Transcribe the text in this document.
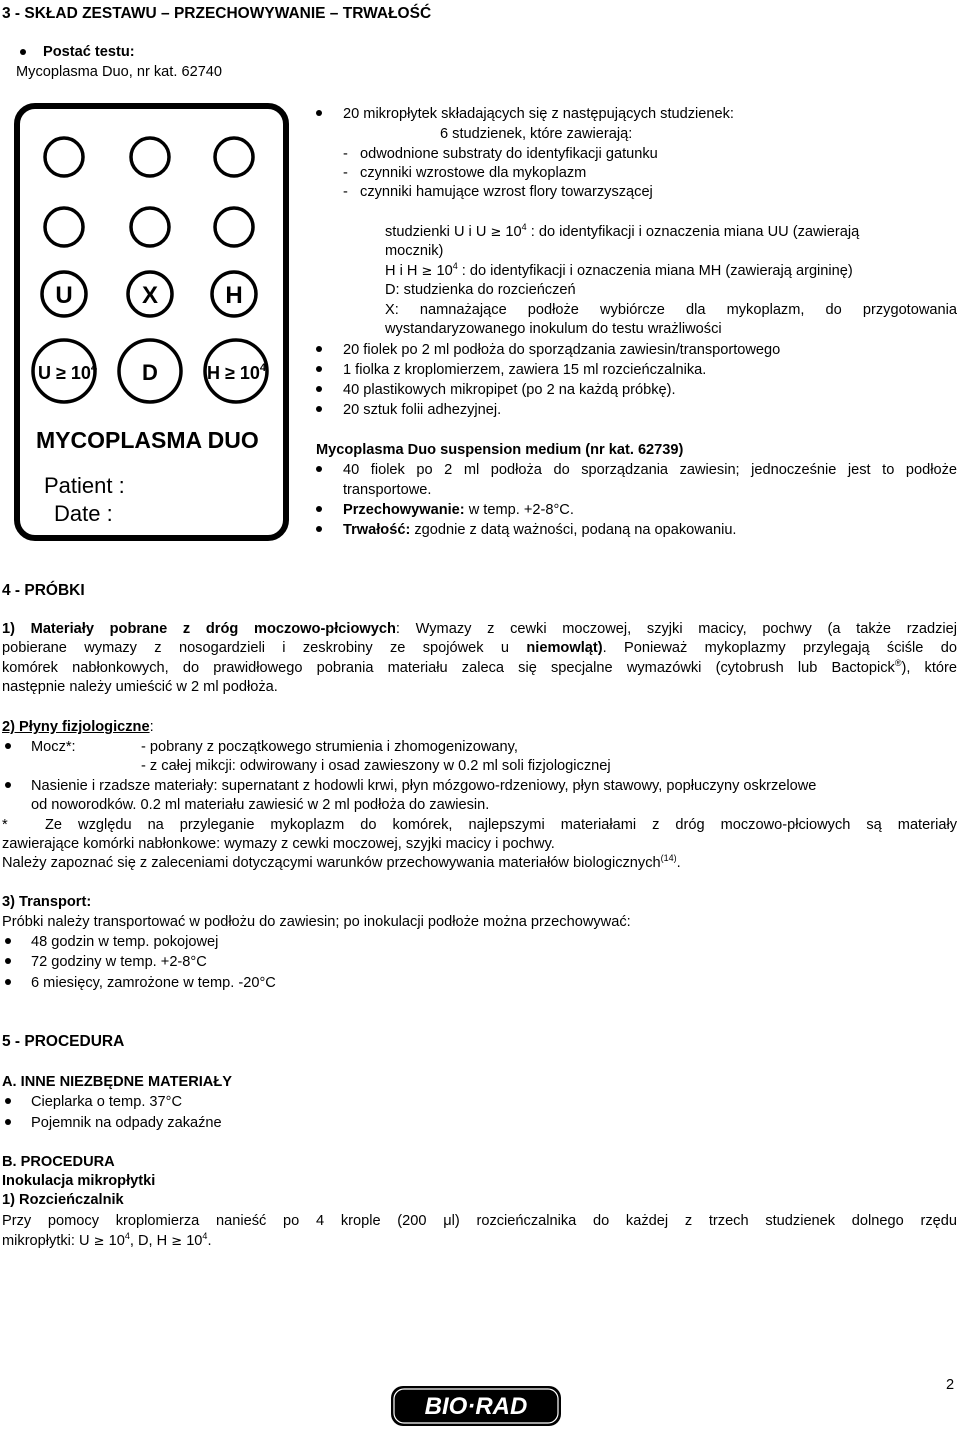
3 - SKŁAD ZESTAWU – PRZECHOWYWANIE – TRWAŁOŚĆ
Postać testu:
Mycoplasma Duo, nr kat. 62740
U	X	H
$U \ge 10^4$ D	$H \ge 10^4$
MYCOPLASMA DUO
Patient :
Date :
20 mikropłytek składających się z następujących studzienek:
6 studzienek, które zawierają:
-   odwodnione substraty do identyfikacji gatunku
-   czynniki wzrostowe dla mykoplazm
-   czynniki hamujące wzrost flory towarzyszącej
studzienki U i $U \ge 10^4$ : do identyfikacji i oznaczenia miana UU (zawierają
mocznik)
H i $H \ge 10^4$ : do identyfikacji i oznaczenia miana MH (zawierają argininę)
D: studzienka do rozcieńczeń
X: namnażające podłoże wybiórcze dla mykoplazm, do przygotowania
wystandaryzowanego inokulum do testu wrażliwości
20 fiolek po 2 ml podłoża do sporządzania zawiesin/transportowego
1 fiolka z kroplomierzem, zawiera 15 ml rozcieńczalnika.
40 plastikowych mikropipet (po 2 na każdą próbkę).
20 sztuk folii adhezyjnej.
Mycoplasma Duo suspension medium (nr kat. 62739)
40 fiolek po 2 ml podłoża do sporządzania zawiesin; jednocześnie jest to podłoże
transportowe.
Przechowywanie: w temp. +2-8°C.
Trwałość: zgodnie z datą ważności, podaną na opakowaniu.
4 - PRÓBKI
1) Materiały pobrane z dróg moczowo-płciowych: Wymazy z cewki moczowej, szyjki macicy, pochwy (a także rzadziej
pobierane wymazy z nosogardzieli i zeskrobiny ze spojówek u niemowląt). Ponieważ mykoplazmy przylegają ściśle do
komórek nabłonkowych, do prawidłowego pobrania materiału zaleca się specjalne wymazówki (cytobrush lub Bactopick®), które
następnie należy umieścić w 2 ml podłoża.
2) Płyny fizjologiczne:
Mocz*:	- pobrany z początkowego strumienia i zhomogenizowany,
- z całej mikcji: odwirowany i osad zawieszony w 0.2 ml soli fizjologicznej
Nasienie i rzadsze materiały: supernatant z hodowli krwi, płyn mózgowo-rdzeniowy, płyn stawowy, popłuczyny oskrzelowe
od noworodków. 0.2 ml materiału zawiesić w 2 ml podłoża do zawiesin.
*	Ze względu na przyleganie mykoplazm do komórek, najlepszymi materiałami z dróg moczowo-płciowych są materiały
zawierające komórki nabłonkowe: wymazy z cewki moczowej, szyjki macicy i pochwy.
Należy zapoznać się z zaleceniami dotyczącymi warunków przechowywania materiałów biologicznych$^{(14)}$.
3) Transport:
Próbki należy transportować w podłożu do zawiesin; po inokulacji podłoże można przechowywać:
48 godzin w temp. pokojowej
72 godziny w temp. +2-8°C
6 miesięcy, zamrożone w temp. -20°C
5 - PROCEDURA
A. INNE NIEZBĘDNE MATERIAŁY
Cieplarka o temp. 37°C
Pojemnik na odpady zakaźne
B. PROCEDURA
Inokulacja mikropłytki
1) Rozcieńczalnik
Przy pomocy kroplomierza nanieść po 4 krople (200 μl) rozcieńczalnika do każdej z trzech studzienek dolnego rzędu
mikropłytki: $U \ge 10^4$, D, $H \ge 10^4$.
2
BIO·RAD
